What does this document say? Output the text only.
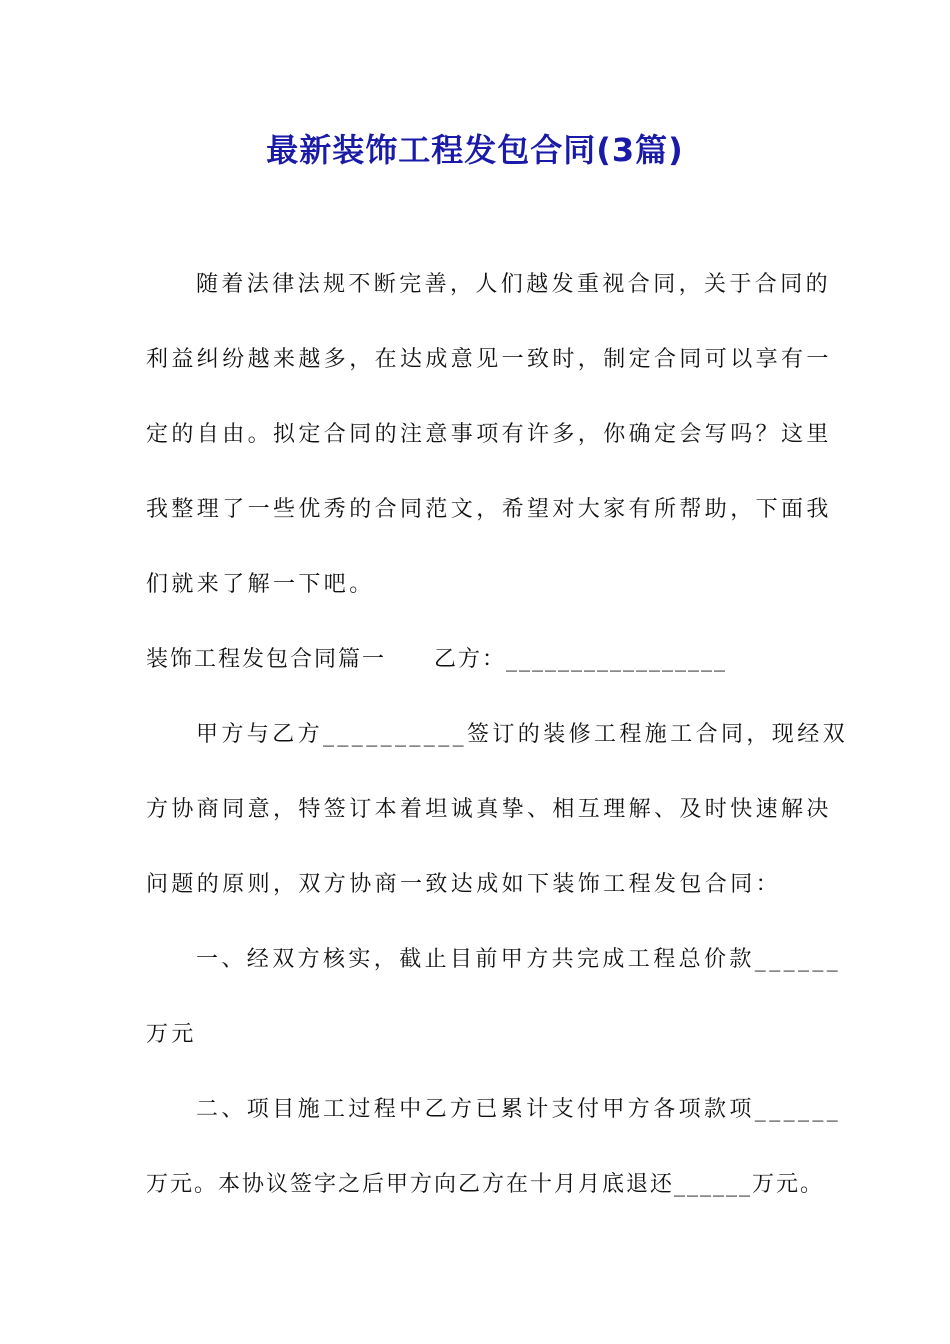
最新装饰工程发包合同(3篇)
随着法律法规不断完善，人们越发重视合同，关于合同的
利益纠纷越来越多，在达成意见一致时，制定合同可以享有一
定的自由。拟定合同的注意事项有许多，你确定会写吗？这里
我整理了一些优秀的合同范文，希望对大家有所帮助，下面我
们就来了解一下吧。
装饰工程发包合同篇一　　乙方：_________________
甲方与乙方__________签订的装修工程施工合同，现经双
方协商同意，特签订本着坦诚真挚、相互理解、及时快速解决
问题的原则，双方协商一致达成如下装饰工程发包合同：
一、经双方核实，截止目前甲方共完成工程总价款______
万元
二、项目施工过程中乙方已累计支付甲方各项款项______
万元。本协议签字之后甲方向乙方在十月月底退还______万元。
